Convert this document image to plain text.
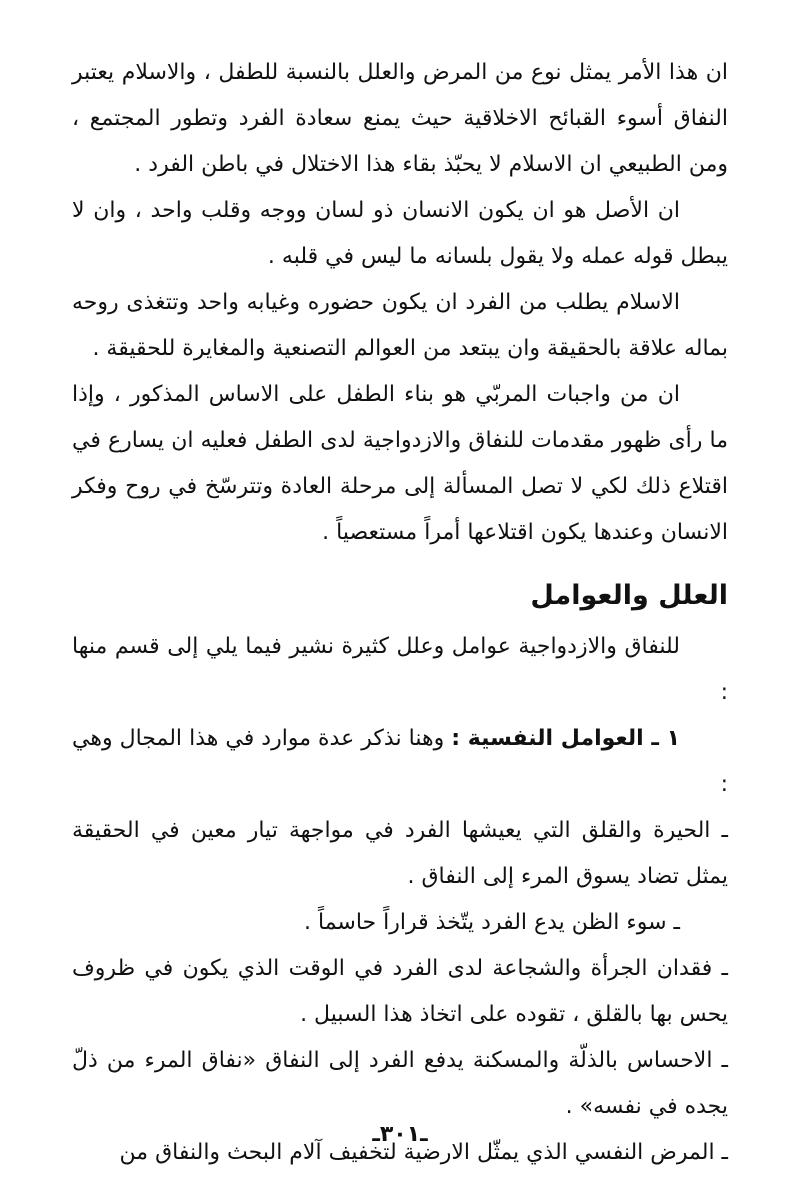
ان هذا الأمر يمثل نوع من المرض والعلل بالنسبة للطفل ، والاسلام يعتبر النفاق أسوء القبائح الاخلاقية حيث يمنع سعادة الفرد وتطور المجتمع ، ومن الطبيعي ان الاسلام لا يحبّذ بقاء هذا الاختلال في باطن الفرد .

ان الأصل هو ان يكون الانسان ذو لسان ووجه وقلب واحد ، وان لا يبطل قوله عمله ولا يقول بلسانه ما ليس في قلبه .

الاسلام يطلب من الفرد ان يكون حضوره وغيابه واحد وتتغذى روحه بماله علاقة بالحقيقة وان يبتعد من العوالم التصنعية والمغايرة للحقيقة .

ان من واجبات المربّي هو بناء الطفل على الاساس المذكور ، وإذا ما رأى ظهور مقدمات للنفاق والازدواجية لدى الطفل فعليه ان يسارع في اقتلاع ذلك لكي لا تصل المسألة إلى مرحلة العادة وتترسّخ في روح وفكر الانسان وعندها يكون اقتلاعها أمراً مستعصياً .

العلل والعوامل

للنفاق والازدواجية عوامل وعلل كثيرة نشير فيما يلي إلى قسم منها :

١ ـ العوامل النفسية : وهنا نذكر عدة موارد في هذا المجال وهي :

ـ الحيرة والقلق التي يعيشها الفرد في مواجهة تيار معين في الحقيقة يمثل تضاد يسوق المرء إلى النفاق .

ـ سوء الظن يدع الفرد يتّخذ قراراً حاسماً .

ـ فقدان الجرأة والشجاعة لدى الفرد في الوقت الذي يكون في ظروف يحس بها بالقلق ، تقوده على اتخاذ هذا السبيل .

ـ الاحساس بالذلّة والمسكنة يدفع الفرد إلى النفاق «نفاق المرء من ذلّ يجده في نفسه» .

ـ المرض النفسي الذي يمثّل الارضية لتخفيف آلام البحث والنفاق من

ـ٣٠١ـ
